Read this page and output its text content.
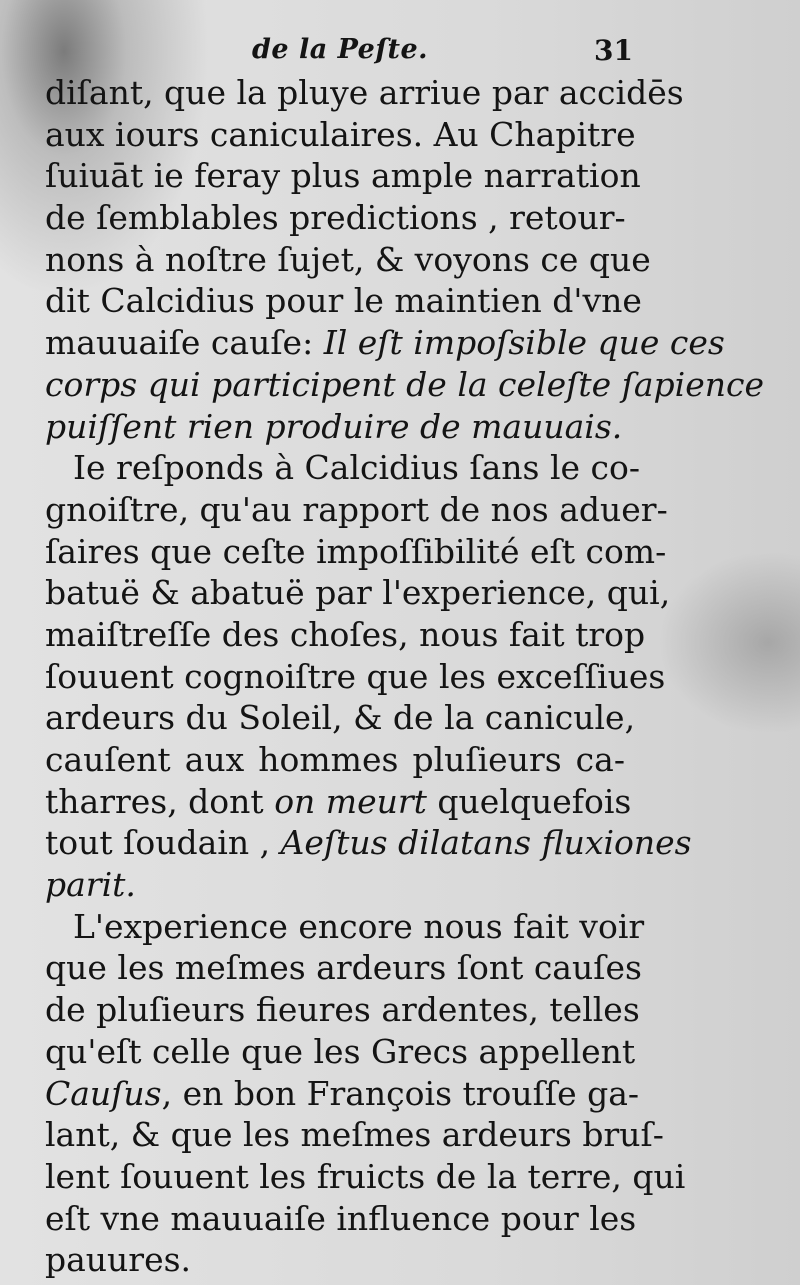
de la Peſte.	31
diſant, que la pluye arriue par accidēs
aux iours caniculaires. Au Chapitre
ſuiuāt ie feray plus ample narration
de ſemblables predictions , retour-
nons à noſtre ſujet, & voyons ce que
dit Calcidius pour le maintien d'vne
mauuaiſe cauſe: Il eſt impoſsible que ces
corps qui participent de la celeſte ſapience
puiſſent rien produire de mauuais.
Ie reſponds à Calcidius ſans le co-
gnoiſtre, qu'au rapport de nos aduer-
ſaires que ceſte impoſſibilité eſt com-
batuë & abatuë par l'experience, qui,
maiſtreſſe des choſes, nous fait trop
ſouuent cognoiſtre que les exceſſiues
ardeurs du Soleil, & de la canicule,
cauſent aux hommes pluſieurs ca-
tharres, dont on meurt quelquefois
tout ſoudain , Aeſtus dilatans fluxiones
parit.
L'experience encore nous fait voir
que les meſmes ardeurs ſont cauſes
de pluſieurs fieures ardentes, telles
qu'eſt celle que les Grecs appellent
Cauſus, en bon François trouſſe ga-
lant, & que les meſmes ardeurs bruſ-
lent ſouuent les fruicts de la terre, qui
eſt vne mauuaiſe influence pour les
pauures.
